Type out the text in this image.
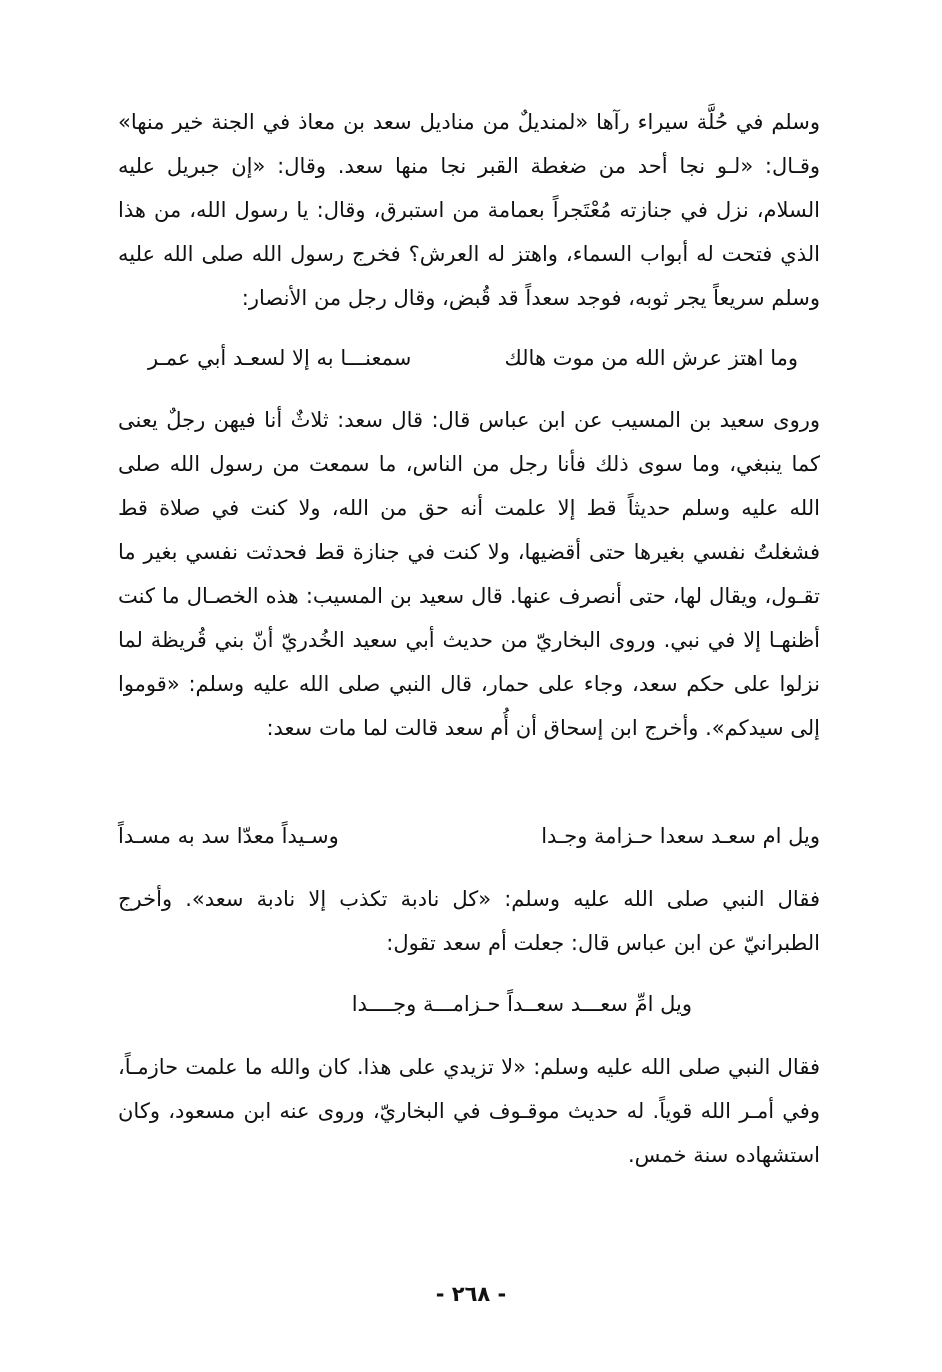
وسلم في حُلَّة سيراء رآها «لمنديلٌ من مناديل سعد بن معاذ في الجنة خير منها» وقـال: «لـو نجا أحد من ضغطة القبر نجا منها سعد. وقال: «إن جبريل عليه السلام، نزل في جنازته مُعْتَجراً بعمامة من استبرق، وقال: يا رسول الله، من هذا الذي فتحت له أبواب السماء، واهتز له العرش؟ فخرج رسول الله صلى الله عليه وسلم سريعاً يجر ثوبه، فوجد سعداً قد قُبض، وقال رجل من الأنصار:

وما اهتز عرش الله من موت هالك
سمعنـــا به إلا لسعـد أبي عمـر

وروى سعيد بن المسيب عن ابن عباس قال: قال سعد: ثلاثٌ أنا فيهن رجلٌ يعنى كما ينبغي، وما سوى ذلك فأنا رجل من الناس، ما سمعت من رسول الله صلى الله عليه وسلم حديثاً قط إلا علمت أنه حق من الله، ولا كنت في صلاة قط فشغلتُ نفسي بغيرها حتى أقضيها، ولا كنت في جنازة قط فحدثت نفسي بغير ما تقـول، ويقال لها، حتى أنصرف عنها. قال سعيد بن المسيب: هذه الخصـال ما كنت أظنهـا إلا في نبي. وروى البخاريّ من حديث أبي سعيد الخُدريّ أنّ بني قُريظة لما نزلوا على حكم سعد، وجاء على حمار، قال النبي صلى الله عليه وسلم: «قوموا إلى سيدكم». وأخرج ابن إسحاق أن أُم سعد قالت لما مات سعد:

ويل ام سعـد سعدا حـزامة وجـدا
وسـيداً معدّا سد به مسـداً

فقال النبي صلى الله عليه وسلم: «كل نادبة تكذب إلا نادبة سعد». وأخرج الطبرانيّ عن ابن عباس قال: جعلت أم سعد تقول:

ويل امِّ سعـــد سعــداً حـزامـــة وجــــدا

فقال النبي صلى الله عليه وسلم: «لا تزيدي على هذا. كان والله ما علمت حازمـاً، وفي أمـر الله قوياً. له حديث موقـوف في البخاريّ، وروى عنه ابن مسعود، وكان استشهاده سنة خمس.

- ٢٦٨ -
